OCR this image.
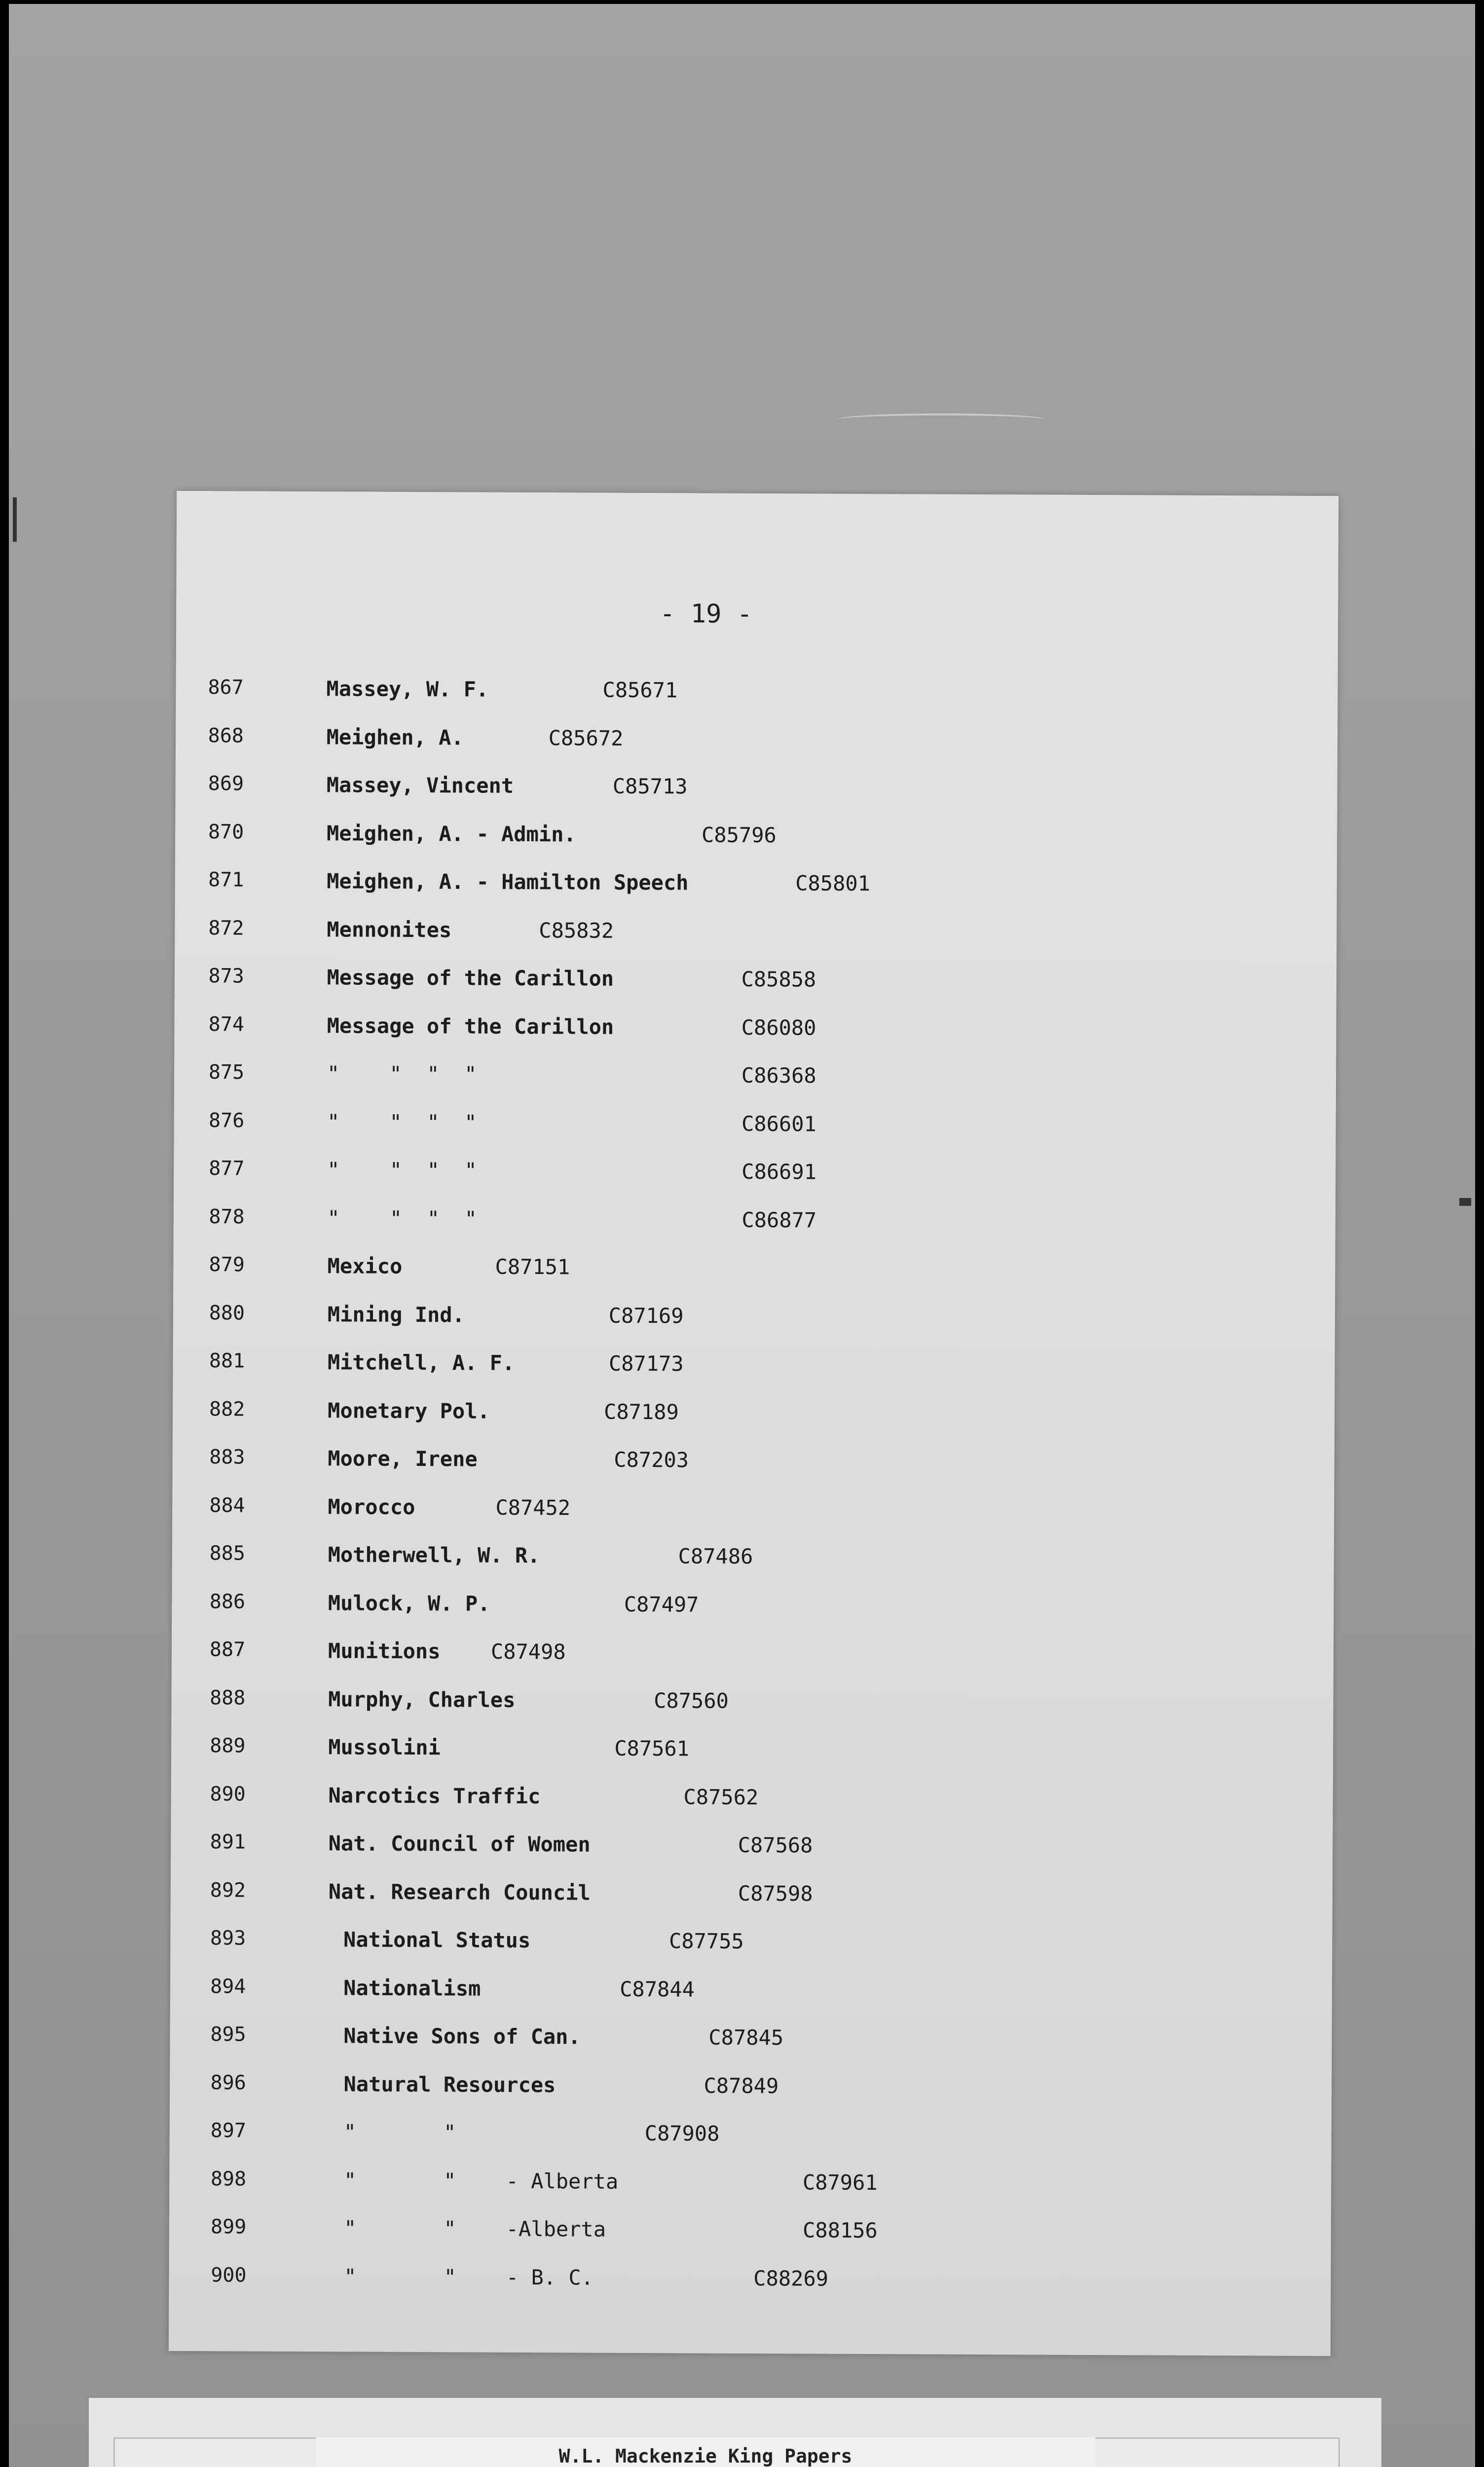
- 19 -
867	Massey, W. F.	C85671
868	Meighen, A.	C85672
869	Massey, Vincent	C85713
870	Meighen, A. - Admin.	C85796
871	Meighen, A. - Hamilton Speech	C85801
872	Mennonites	C85832
873	Message of the Carillon	C85858
874	Message of the Carillon	C86080
875	"    "  "  "	C86368
876	"    "  "  "	C86601
877	"    "  "  "	C86691
878	"    "  "  "	C86877
879	Mexico	C87151
880	Mining Ind.	C87169
881	Mitchell, A. F.	C87173
882	Monetary Pol.	C87189
883	Moore, Irene	C87203
884	Morocco	C87452
885	Motherwell, W. R.	C87486
886	Mulock, W. P.	C87497
887	Munitions C87498
888	Murphy, Charles	C87560
889	Mussolini	C87561
890	Narcotics Traffic	C87562
891	Nat. Council of Women	C87568
892	Nat. Research Council	C87598
893	National Status	C87755
894	Nationalism	C87844
895	Native Sons of Can.	C87845
896	Natural Resources	C87849
897	"       "	C87908
898	"       "    - Alberta	C87961
899	"       "    -Alberta	C88156
900	"       "    - B. C.	C88269
W.L. Mackenzie King Papers
